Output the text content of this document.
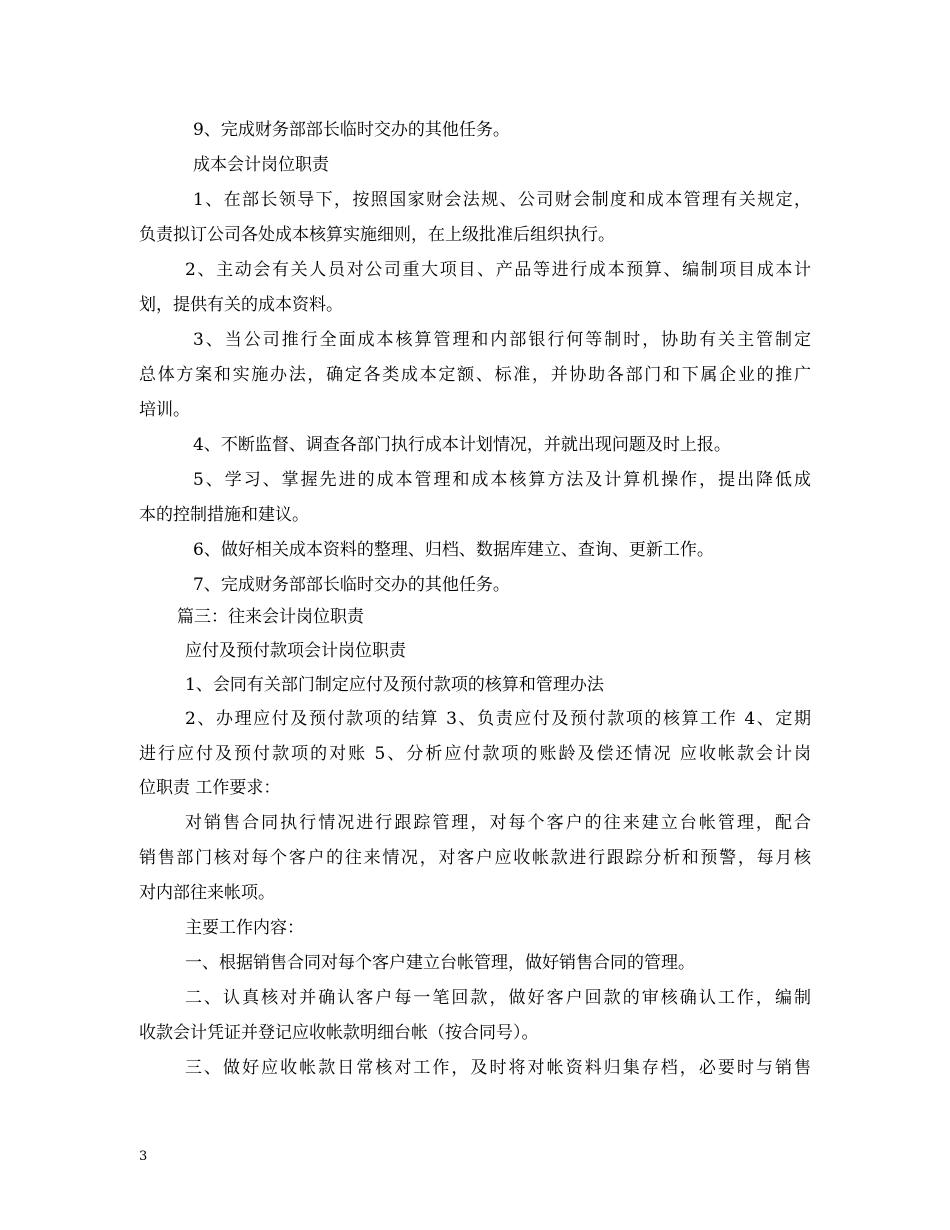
9、完成财务部部长临时交办的其他任务。
成本会计岗位职责
1、在部长领导下，按照国家财会法规、公司财会制度和成本管理有关规定，
负责拟订公司各处成本核算实施细则，在上级批准后组织执行。
2、主动会有关人员对公司重大项目、产品等进行成本预算、编制项目成本计
划，提供有关的成本资料。
3、当公司推行全面成本核算管理和内部银行何等制时，协助有关主管制定
总体方案和实施办法，确定各类成本定额、标准，并协助各部门和下属企业的推广
培训。
4、不断监督、调查各部门执行成本计划情况，并就出现问题及时上报。
5、学习、掌握先进的成本管理和成本核算方法及计算机操作，提出降低成
本的控制措施和建议。
6、做好相关成本资料的整理、归档、数据库建立、查询、更新工作。
7、完成财务部部长临时交办的其他任务。
篇三：往来会计岗位职责
应付及预付款项会计岗位职责
1、会同有关部门制定应付及预付款项的核算和管理办法
2、办理应付及预付款项的结算 3、负责应付及预付款项的核算工作 4、定期
进行应付及预付款项的对账 5、分析应付款项的账龄及偿还情况 应收帐款会计岗
位职责 工作要求：
对销售合同执行情况进行跟踪管理，对每个客户的往来建立台帐管理，配合
销售部门核对每个客户的往来情况，对客户应收帐款进行跟踪分析和预警，每月核
对内部往来帐项。
主要工作内容：
一、根据销售合同对每个客户建立台帐管理，做好销售合同的管理。
二、认真核对并确认客户每一笔回款，做好客户回款的审核确认工作，编制
收款会计凭证并登记应收帐款明细台帐（按合同号）。
三、做好应收帐款日常核对工作，及时将对帐资料归集存档，必要时与销售
3
